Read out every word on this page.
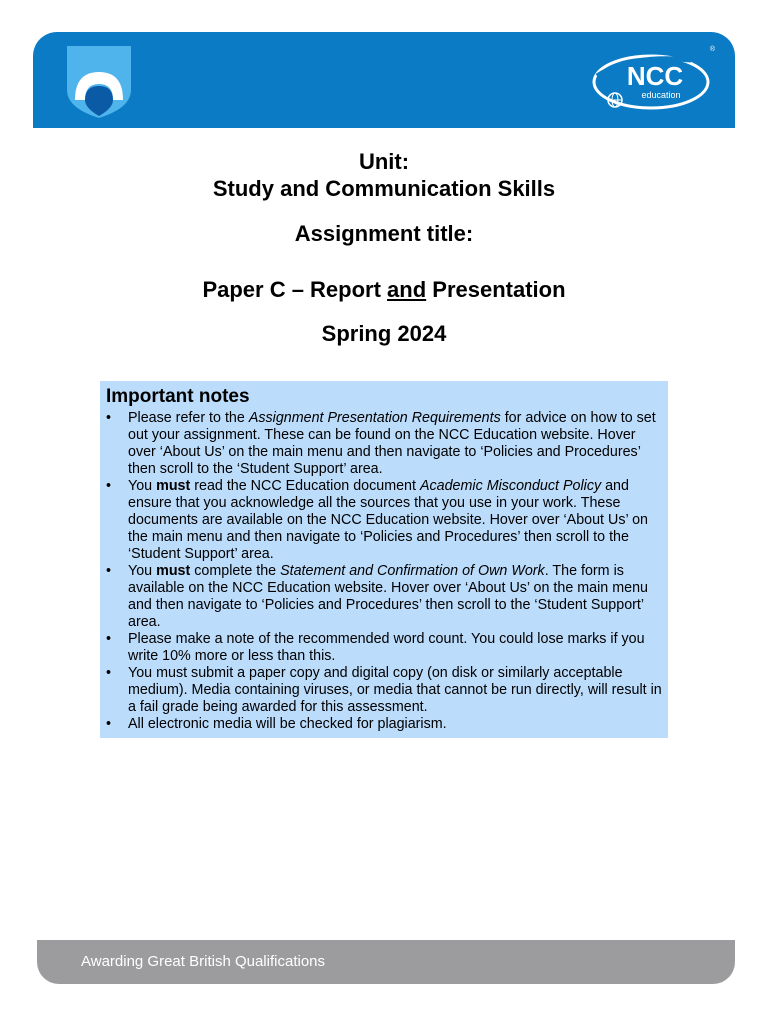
NCC
education
®
Unit:
Study and Communication Skills
Assignment title:
Paper C – Report and Presentation
Spring 2024
Important notes
• Please refer to the Assignment Presentation Requirements for advice on how to set out your assignment. These can be found on the NCC Education website. Hover over ‘About Us’ on the main menu and then navigate to ‘Policies and Procedures’ then scroll to the ‘Student Support’ area.
• You must read the NCC Education document Academic Misconduct Policy and ensure that you acknowledge all the sources that you use in your work. These documents are available on the NCC Education website. Hover over ‘About Us’ on the main menu and then navigate to ‘Policies and Procedures’ then scroll to the ‘Student Support’ area.
• You must complete the Statement and Confirmation of Own Work. The form is available on the NCC Education website. Hover over ‘About Us’ on the main menu and then navigate to ‘Policies and Procedures’ then scroll to the ‘Student Support’ area.
• Please make a note of the recommended word count. You could lose marks if you write 10% more or less than this.
• You must submit a paper copy and digital copy (on disk or similarly acceptable medium). Media containing viruses, or media that cannot be run directly, will result in a fail grade being awarded for this assessment.
• All electronic media will be checked for plagiarism.
Awarding Great British Qualifications
